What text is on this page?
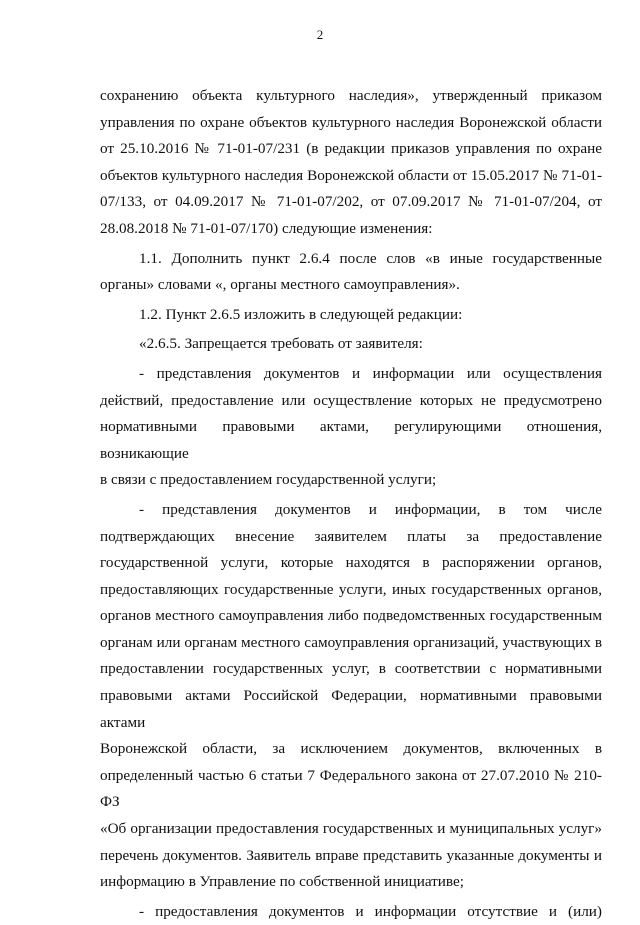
2
сохранению объекта культурного наследия», утвержденный приказом
управления по охране объектов культурного наследия Воронежской области
от 25.10.2016 № 71-01-07/231 (в редакции приказов управления по охране
объектов культурного наследия Воронежской области от 15.05.2017 № 71-01-
07/133, от 04.09.2017 № 71-01-07/202, от 07.09.2017 № 71-01-07/204, от
28.08.2018 № 71-01-07/170) следующие изменения:
1.1. Дополнить пункт 2.6.4 после слов «в иные государственные
органы» словами «, органы местного самоуправления».
1.2. Пункт 2.6.5 изложить в следующей редакции:
«2.6.5. Запрещается требовать от заявителя:
- представления документов и информации или осуществления
действий, предоставление или осуществление которых не предусмотрено
нормативными правовыми актами, регулирующими отношения, возникающие
в связи с предоставлением государственной услуги;
- представления документов и информации, в том числе
подтверждающих внесение заявителем платы за предоставление
государственной услуги, которые находятся в распоряжении органов,
предоставляющих государственные услуги, иных государственных органов,
органов местного самоуправления либо подведомственных государственным
органам или органам местного самоуправления организаций, участвующих в
предоставлении государственных услуг, в соответствии с нормативными
правовыми актами Российской Федерации, нормативными правовыми актами
Воронежской области, за исключением документов, включенных в
определенный частью 6 статьи 7 Федерального закона от 27.07.2010 № 210-ФЗ
«Об организации предоставления государственных и муниципальных услуг»
перечень документов. Заявитель вправе представить указанные документы и
информацию в Управление по собственной инициативе;
- предоставления документов и информации отсутствие и (или)
